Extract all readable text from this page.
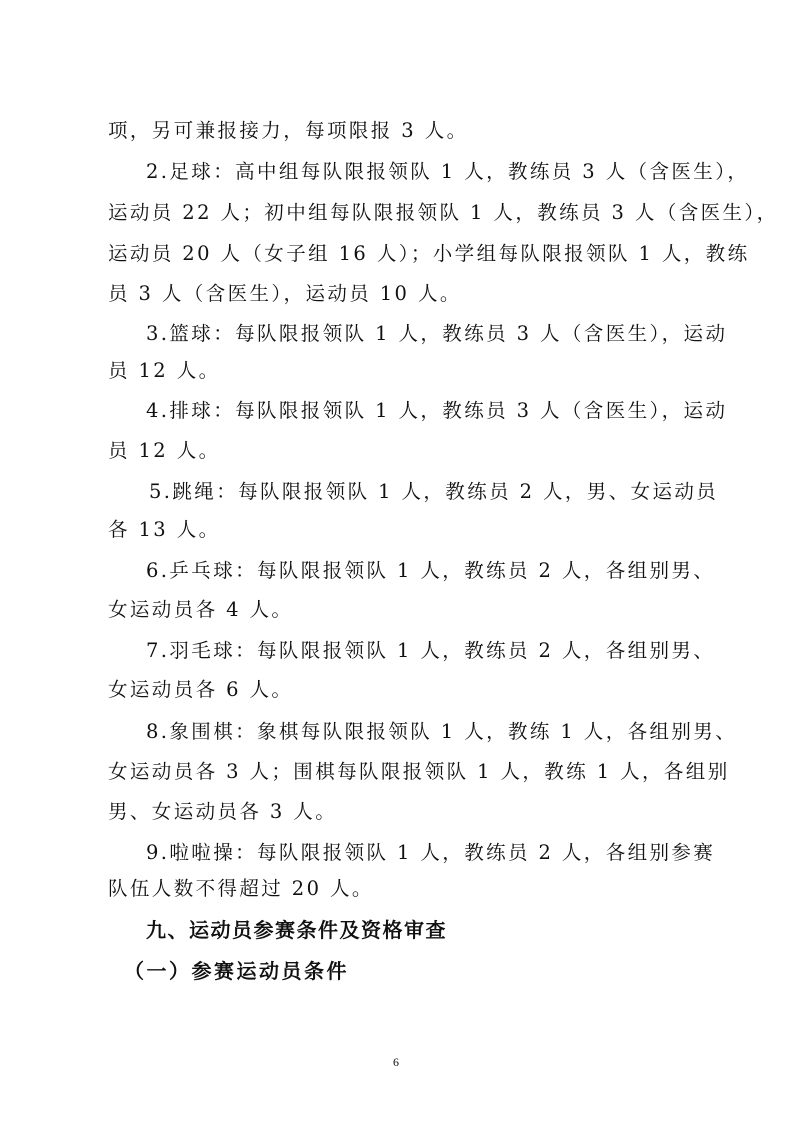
项，另可兼报接力，每项限报 3 人。

2.足球：高中组每队限报领队 1 人，教练员 3 人（含医生），

运动员 22 人；初中组每队限报领队 1 人，教练员 3 人（含医生），

运动员 20 人（女子组 16 人）；小学组每队限报领队 1 人，教练

员 3 人（含医生），运动员 10 人。

3.篮球：每队限报领队 1 人，教练员 3 人（含医生），运动

员 12 人。

4.排球：每队限报领队 1 人，教练员 3 人（含医生），运动

员 12 人。

5.跳绳：每队限报领队 1 人，教练员 2 人，男、女运动员

各 13 人。

6.乒乓球：每队限报领队 1 人，教练员 2 人，各组别男、

女运动员各 4 人。

7.羽毛球：每队限报领队 1 人，教练员 2 人，各组别男、

女运动员各 6 人。

8.象围棋：象棋每队限报领队 1 人，教练 1 人，各组别男、

女运动员各 3 人；围棋每队限报领队 1 人，教练 1 人，各组别

男、女运动员各 3 人。

9.啦啦操：每队限报领队 1 人，教练员 2 人，各组别参赛

队伍人数不得超过 20 人。

九、运动员参赛条件及资格审查

（一）参赛运动员条件

6
